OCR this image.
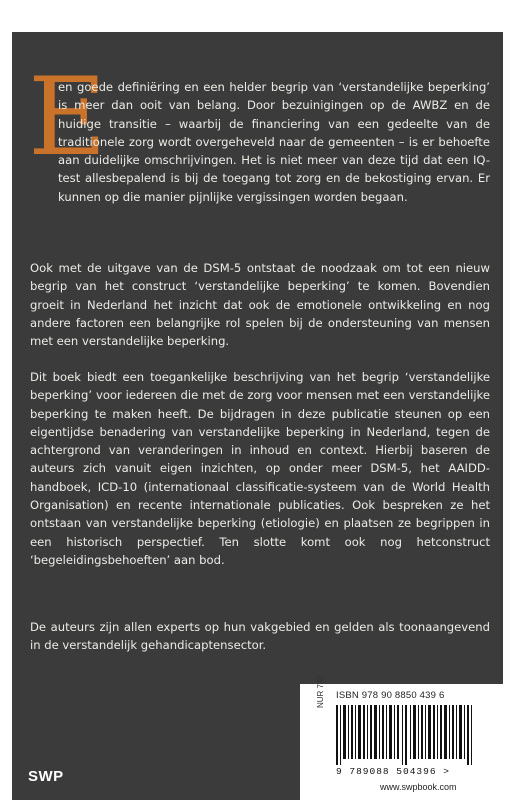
E

en goede definiëring en een helder begrip van ‘verstandelijke beperking’ is meer dan ooit van belang. Door bezuinigingen op de AWBZ en de huidige transitie – waarbij de financiering van een gedeelte van de traditionele zorg wordt overgeheveld naar de gemeenten – is er behoefte aan duidelijke omschrijvingen. Het is niet meer van deze tijd dat een IQ-test allesbepalend is bij de toegang tot zorg en de bekostiging ervan. Er kunnen op die manier pijnlijke vergissingen worden begaan.

Ook met de uitgave van de DSM-5 ontstaat de noodzaak om tot een nieuw begrip van het construct ‘verstandelijke beperking’ te komen. Bovendien groeit in Nederland het inzicht dat ook de emotionele ontwikkeling en nog andere factoren een belangrijke rol spelen bij de ondersteuning van mensen met een verstandelijke beperking.

Dit boek biedt een toegankelijke beschrijving van het begrip ‘verstandelijke beperking’ voor iedereen die met de zorg voor mensen met een verstandelijke beperking te maken heeft. De bijdragen in deze publicatie steunen op een eigentijdse benadering van verstandelijke beperking in Nederland, tegen de achtergrond van veranderingen in inhoud en context. Hierbij baseren de auteurs zich vanuit eigen inzichten, op onder meer DSM-5, het AAIDD-handboek, ICD-10 (internationaal classificatie-systeem van de World Health Organisation) en recente internationale publicaties. Ook bespreken ze het ontstaan van verstandelijke beperking (etiologie) en plaatsen ze begrippen in een historisch perspectief. Ten slotte komt ook nog hetconstruct ‘begeleidingsbehoeften’ aan bod.

De auteurs zijn allen experts op hun vakgebied en gelden als toonaangevend in de verstandelijk gehandicaptensector.

ISBN 978 90 8850 439 6
NUR 740
9 789088 504396 >
www.swpbook.com
SWP
